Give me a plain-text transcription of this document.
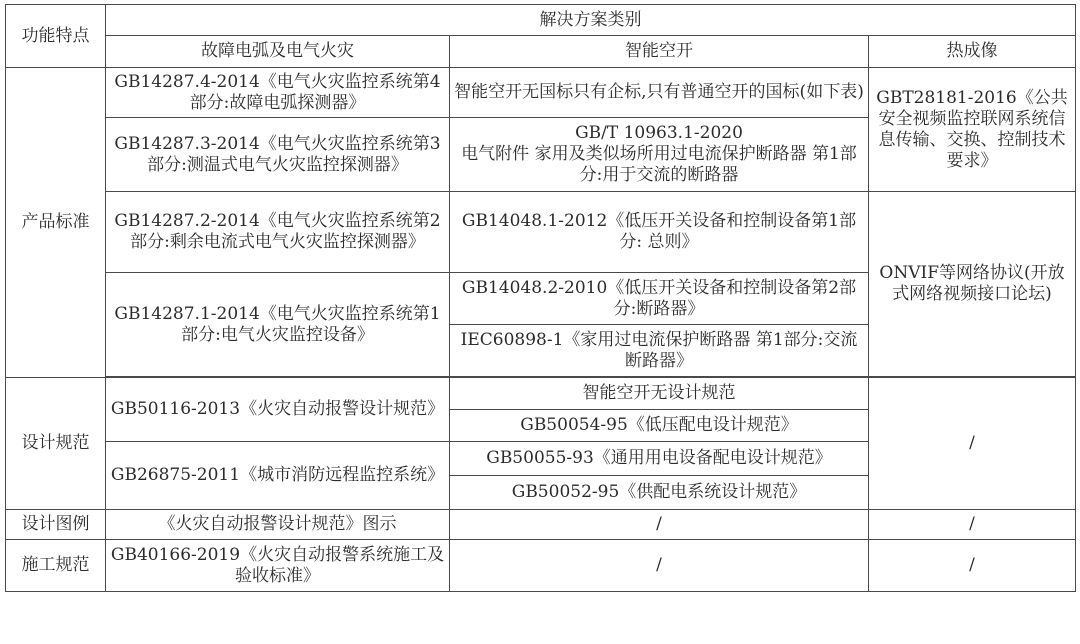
功能特点	解决方案类别		
	故障电弧及电气火灾	智能空开	热成像
产品标准	GB14287.4-2014《电气火灾监控系统第4部分:故障电弧探测器》	智能空开无国标只有企标,只有普通空开的国标(如下表)	GBT28181-2016《公共安全视频监控联网系统信息传输、交换、控制技术要求》
	GB14287.3-2014《电气火灾监控系统第3部分:测温式电气火灾监控探测器》	GB/T 10963.1-2020
电气附件 家用及类似场所用过电流保护断路器 第1部分:用于交流的断路器	

	GB14287.2-2014《电气火灾监控系统第2部分:剩余电流式电气火灾监控探测器》	GB14048.1-2012《低压开关设备和控制设备第1部分: 总则》	ONVIF等网络协议(开放式网络视频接口论坛)
	GB14287.1-2014《电气火灾监控系统第1部分:电气火灾监控设备》	GB14048.2-2010《低压开关设备和控制设备第2部分:断路器》	
		IEC60898-1《家用过电流保护断路器 第1部分:交流断路器》	

设计规范	GB50116-2013《火灾自动报警设计规范》	智能空开无设计规范	/
		GB50054-95《低压配电设计规范》	
	GB26875-2011《城市消防远程监控系统》	GB50055-93《通用用电设备配电设计规范》	
		GB50052-95《供配电系统设计规范》	
设计图例	《火灾自动报警设计规范》图示	/	/
施工规范	GB40166-2019《火灾自动报警系统施工及验收标准》	/	/
